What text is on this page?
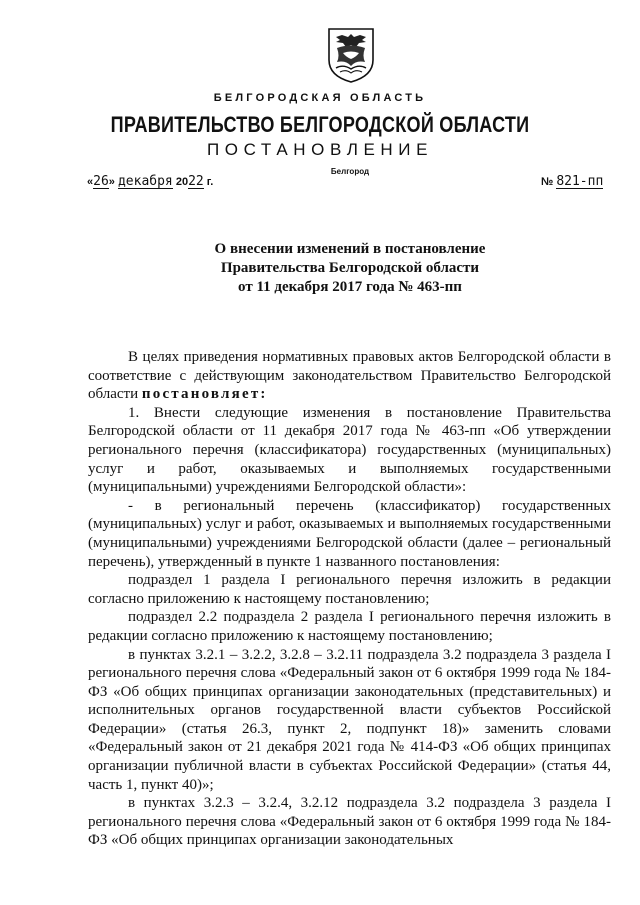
БЕЛГОРОДСКАЯ ОБЛАСТЬ
ПРАВИТЕЛЬСТВО БЕЛГОРОДСКОЙ ОБЛАСТИ
ПОСТАНОВЛЕНИЕ
Белгород
«26» декабря 2022 г.	№ 821-пп
О внесении изменений в постановление
Правительства Белгородской области
от 11 декабря 2017 года № 463-пп

В целях приведения нормативных правовых актов Белгородской области в соответствие с действующим законодательством Правительство Белгородской области постановляет:

1. Внести следующие изменения в постановление Правительства Белгородской области от 11 декабря 2017 года № 463-пп «Об утверждении регионального перечня (классификатора) государственных (муниципальных) услуг и работ, оказываемых и выполняемых государственными (муниципальными) учреждениями Белгородской области»:

- в региональный перечень (классификатор) государственных (муниципальных) услуг и работ, оказываемых и выполняемых государственными (муниципальными) учреждениями Белгородской области (далее – региональный перечень), утвержденный в пункте 1 названного постановления:

подраздел 1 раздела I регионального перечня изложить в редакции согласно приложению к настоящему постановлению;

подраздел 2.2 подраздела 2 раздела I регионального перечня изложить в редакции согласно приложению к настоящему постановлению;

в пунктах 3.2.1 – 3.2.2, 3.2.8 – 3.2.11 подраздела 3.2 подраздела 3 раздела I регионального перечня слова «Федеральный закон от 6 октября 1999 года № 184-ФЗ «Об общих принципах организации законодательных (представительных) и исполнительных органов государственной власти субъектов Российской Федерации» (статья 26.3, пункт 2, подпункт 18)» заменить словами «Федеральный закон от 21 декабря 2021 года № 414-ФЗ «Об общих принципах организации публичной власти в субъектах Российской Федерации» (статья 44, часть 1, пункт 40)»;

в пунктах 3.2.3 – 3.2.4, 3.2.12 подраздела 3.2 подраздела 3 раздела I регионального перечня слова «Федеральный закон от 6 октября 1999 года № 184-ФЗ «Об общих принципах организации законодательных
